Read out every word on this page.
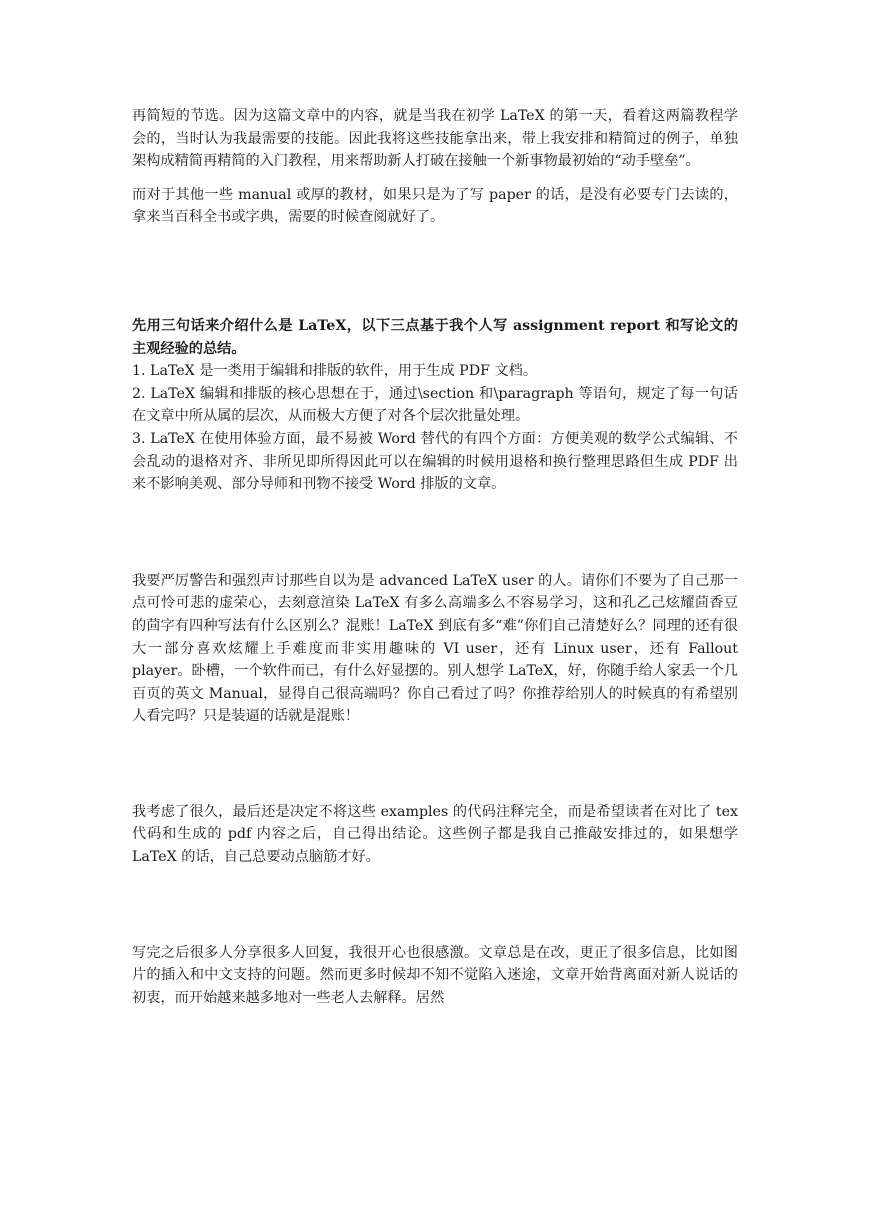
再简短的节选。因为这篇文章中的内容，就是当我在初学 LaTeX 的第一天，看着这两篇教程学会的，当时认为我最需要的技能。因此我将这些技能拿出来，带上我安排和精简过的例子，单独架构成精简再精简的入门教程，用来帮助新人打破在接触一个新事物最初始的“动手壁垒”。

而对于其他一些 manual 或厚的教材，如果只是为了写 paper 的话，是没有必要专门去读的，拿来当百科全书或字典，需要的时候查阅就好了。

先用三句话来介绍什么是 LaTeX，以下三点基于我个人写 assignment report 和写论文的主观经验的总结。

1. LaTeX 是一类用于编辑和排版的软件，用于生成 PDF 文档。

2. LaTeX 编辑和排版的核心思想在于，通过\section 和\paragraph 等语句，规定了每一句话在文章中所从属的层次，从而极大方便了对各个层次批量处理。

3. LaTeX 在使用体验方面，最不易被 Word 替代的有四个方面：方便美观的数学公式编辑、不会乱动的退格对齐、非所见即所得因此可以在编辑的时候用退格和换行整理思路但生成 PDF 出来不影响美观、部分导师和刊物不接受 Word 排版的文章。

我要严厉警告和强烈声讨那些自以为是 advanced LaTeX user 的人。请你们不要为了自己那一点可怜可悲的虚荣心，去刻意渲染 LaTeX 有多么高端多么不容易学习，这和孔乙己炫耀茴香豆的茴字有四种写法有什么区别么？混账！LaTeX 到底有多“难”你们自己清楚好么？同理的还有很大一部分喜欢炫耀上手难度而非实用趣味的 VI user，还有 Linux user，还有 Fallout player。卧槽，一个软件而已，有什么好显摆的。别人想学 LaTeX，好，你随手给人家丢一个几百页的英文 Manual，显得自己很高端吗？你自己看过了吗？你推荐给别人的时候真的有希望别人看完吗？只是装逼的话就是混账！

我考虑了很久，最后还是决定不将这些 examples 的代码注释完全，而是希望读者在对比了 tex 代码和生成的 pdf 内容之后，自己得出结论。这些例子都是我自己推敲安排过的，如果想学 LaTeX 的话，自己总要动点脑筋才好。

写完之后很多人分享很多人回复，我很开心也很感激。文章总是在改，更正了很多信息，比如图片的插入和中文支持的问题。然而更多时候却不知不觉陷入迷途，文章开始背离面对新人说话的初衷，而开始越来越多地对一些老人去解释。居然
